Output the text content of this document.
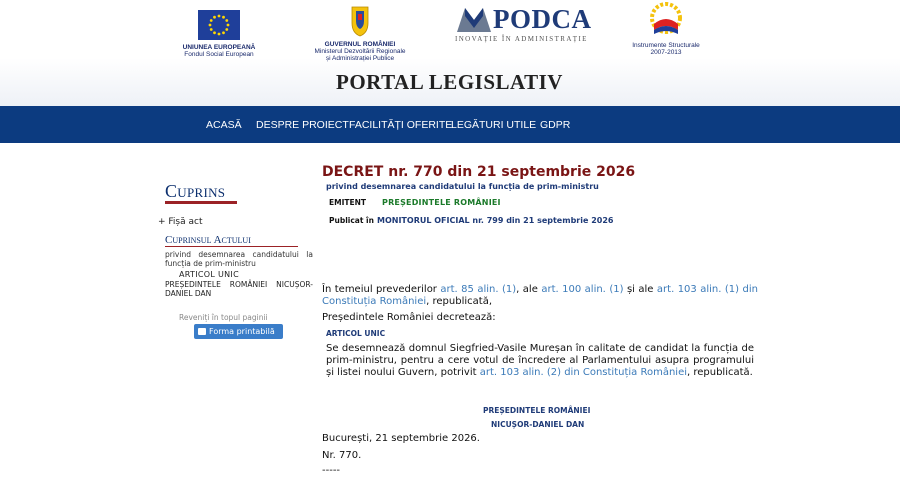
UNIUNEA EUROPEANĂ
Fondul Social European
GUVERNUL ROMÂNIEI
Ministerul Dezvoltării Regionale
și Administrației Publice
PODCA
INOVAȚIE ÎN ADMINISTRAȚIE
Instrumente Structurale
2007-2013
PORTAL LEGISLATIV
ACASĂ DESPRE PROIECT FACILITĂȚI OFERITE
LEGĂTURI UTILE GDPR
Cuprins
+ Fișă act
Cuprinsul Actului
privind desemnarea candidatului la funcția de prim-ministru
ARTICOL UNIC
PREȘEDINTELE ROMÂNIEI NICUȘOR-DANIEL DAN
Reveniți în topul paginii
Forma printabilă
DECRET nr. 770 din 21 septembrie 2026
privind desemnarea candidatului la funcția de prim-ministru
EMITENT PREȘEDINTELE ROMÂNIEI
Publicat în MONITORUL OFICIAL nr. 799 din 21 septembrie 2026
În temeiul prevederilor art. 85 alin. (1), ale art. 100 alin. (1) și ale art. 103 alin. (1) din Constituția României, republicată,
Președintele României decretează:
ARTICOL UNIC
Se desemnează domnul Siegfried-Vasile Mureșan în calitate de candidat la funcția de prim-ministru, pentru a cere votul de încredere al Parlamentului asupra programului și listei noului Guvern, potrivit art. 103 alin. (2) din Constituția României, republicată.
PREȘEDINTELE ROMÂNIEI
NICUȘOR-DANIEL DAN
București, 21 septembrie 2026.
Nr. 770.
-----
